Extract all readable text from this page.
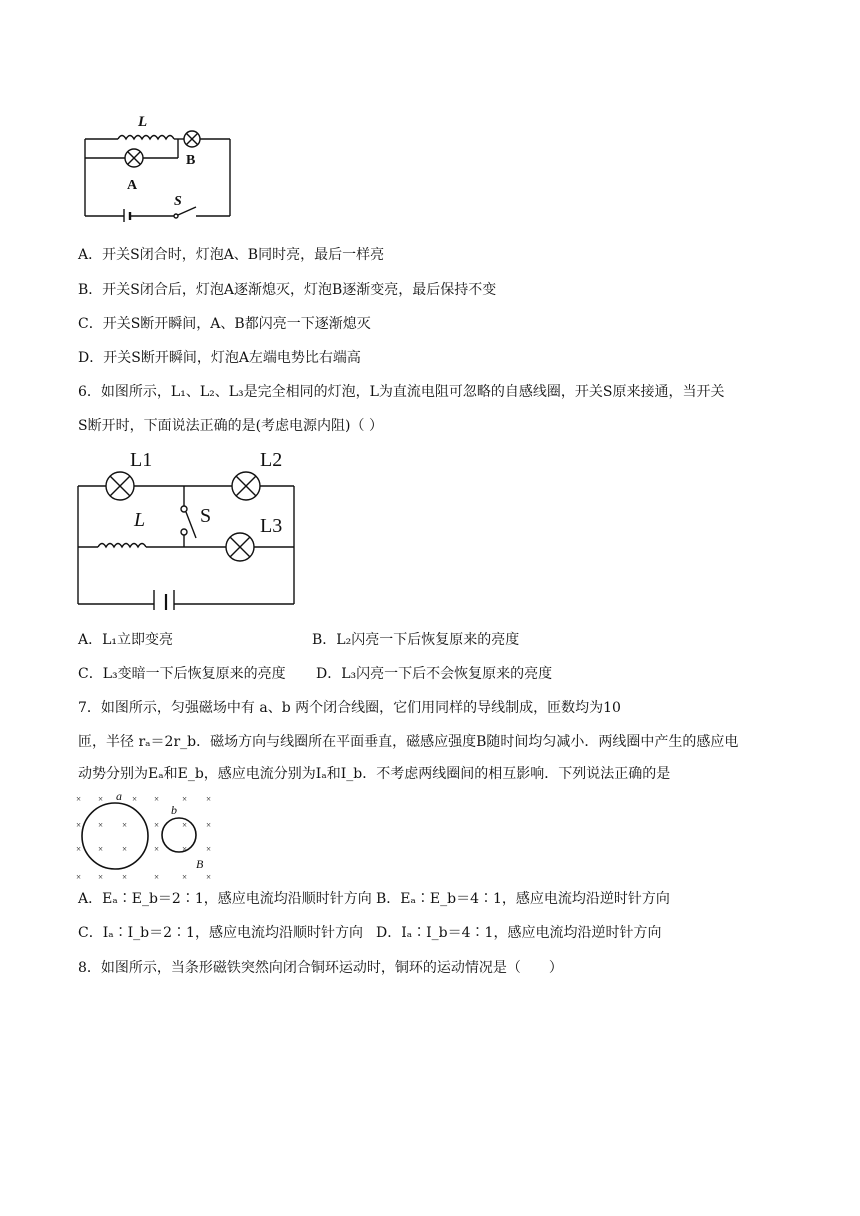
L
B
A
S
A．开关S闭合时，灯泡A、B同时亮，最后一样亮
B．开关S闭合后，灯泡A逐渐熄灭，灯泡B逐渐变亮，最后保持不变
C．开关S断开瞬间，A、B都闪亮一下逐渐熄灭
D．开关S断开瞬间，灯泡A左端电势比右端高
6．如图所示，L₁、L₂、L₃是完全相同的灯泡，L为直流电阻可忽略的自感线圈，开关S原来接通，当开关
S断开时，下面说法正确的是(考虑电源内阻)（ ）
L1	L2
L	S L3
A．L₁立即变亮	B．L₂闪亮一下后恢复原来的亮度
C．L₃变暗一下后恢复原来的亮度 D．L₃闪亮一下后不会恢复原来的亮度
7．如图所示，匀强磁场中有 a、b 两个闭合线圈，它们用同样的导线制成，匝数均为10
匝，半径 rₐ＝2r_b．磁场方向与线圈所在平面垂直，磁感应强度B随时间均匀减小．两线圈中产生的感应电
动势分别为Eₐ和E_b，感应电流分别为Iₐ和I_b．不考虑两线圈间的相互影响．下列说法正确的是
× ×	× ×	× ×
× × ×	×	× ×
× × ×	×	× ×
× × ×	×	× ×
a
b
B
A．Eₐ∶E_b＝2∶1，感应电流均沿顺时针方向 B．Eₐ∶E_b＝4∶1，感应电流均沿逆时针方向
C．Iₐ∶I_b＝2∶1，感应电流均沿顺时针方向 D．Iₐ∶I_b＝4∶1，感应电流均沿逆时针方向
8．如图所示，当条形磁铁突然向闭合铜环运动时，铜环的运动情况是（　　）
